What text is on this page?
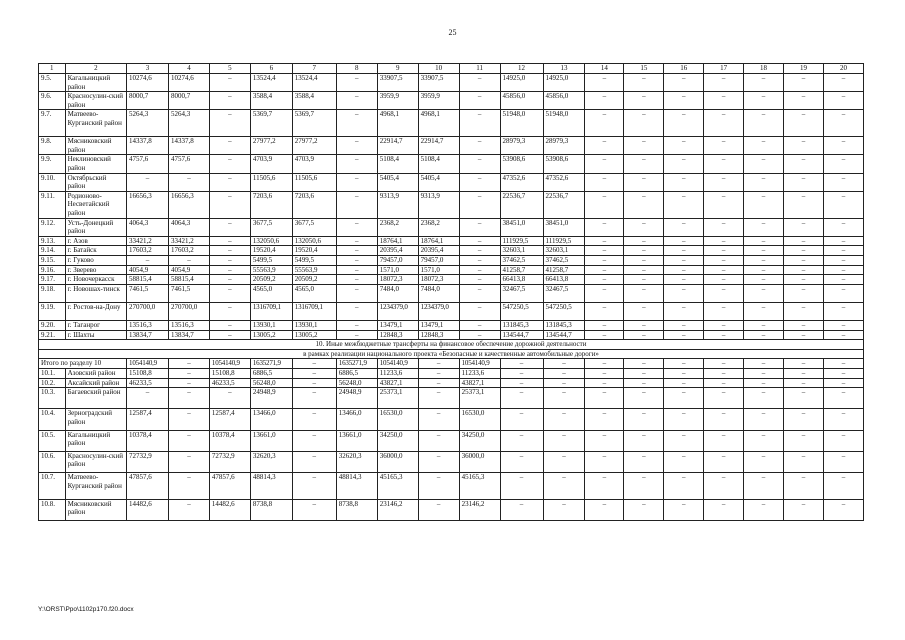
25
1	2	3	4	5	6	7	8	9	10	11	12	13	14	15	16	17	18	19	20
9.5.	Кагальницкий район	10274,6	10274,6	–	13524,4	13524,4	–	33907,5	33907,5	–	14925,0	14925,0	–	–	–	–	–	–	–
9.6.	Красносулин-ский район	8000,7	8000,7	–	3588,4	3588,4	–	3959,9	3959,9	–	45856,0	45856,0	–	–	–	–	–	–	–
9.7.	Матвеево-Курганский район	5264,3	5264,3	–	5369,7	5369,7	–	4968,1	4968,1	–	51948,0	51948,0	–	–	–	–	–	–	–
9.8.	Мясниковский район	14337,8	14337,8	–	27977,2	27977,2	–	22914,7	22914,7	–	28979,3	28979,3	–	–	–	–	–	–	–
9.9.	Неклиновский район	4757,6	4757,6	–	4703,9	4703,9	–	5108,4	5108,4	–	53908,6	53908,6	–	–	–	–	–	–	–
9.10.	Октябрьский район	–	–	–	11505,6	11505,6	–	5405,4	5405,4	–	47352,6	47352,6	–	–	–	–	–	–	–
9.11.	Родионово-Несветайский район	16656,3	16656,3	–	7203,6	7203,6	–	9313,9	9313,9	–	22536,7	22536,7	–	–	–	–	–	–	–
9.12.	Усть-Донецкий район	4064,3	4064,3	–	3677,5	3677,5	–	2368,2	2368,2	–	38451,0	38451,0	–	–	–	–	–	–	–
9.13.	г. Азов	33421,2	33421,2	–	132050,6	132050,6	–	18764,1	18764,1	–	111929,5	111929,5	–	–	–	–	–	–	–
9.14.	г. Батайск	17603,2	17603,2	–	19520,4	19520,4	–	20395,4	20395,4	–	32603,1	32603,1	–	–	–	–	–	–	–
9.15.	г. Гуково	–	–	–	5499,5	5499,5	–	79457,0	79457,0	–	37462,5	37462,5	–	–	–	–	–	–	–
9.16.	г. Зверево	4054,9	4054,9	–	55563,9	55563,9	–	1571,0	1571,0	–	41258,7	41258,7	–	–	–	–	–	–	–
9.17.	г. Новочеркасск	58815,4	58815,4	–	20509,2	20509,2	–	18072,3	18072,3	–	66413,8	66413,8	–	–	–	–	–	–	–
9.18.	г. Новошах-тинск	7461,5	7461,5	–	4565,0	4565,0	–	7484,0	7484,0	–	32467,5	32467,5	–	–	–	–	–	–	–
9.19.	г. Ростов-на-Дону	270700,0	270700,0	–	1316709,1	1316709,1	–	1234379,0	1234379,0	–	547250,5	547250,5	–	–	–	–	–	–	–
9.20.	г. Таганрог	13516,3	13516,3	–	13930,1	13930,1	–	13479,1	13479,1	–	131845,3	131845,3	–	–	–	–	–	–	–
9.21.	г. Шахты	13834,7	13834,7	–	13005,2	13005,2	–	12848,3	12848,3	–	134544,7	134544,7	–	–	–	–	–	–	–
10. Иные межбюджетные трансферты на финансовое обеспечение дорожной деятельности																			
в рамках реализации национального проекта «Безопасные и качественные автомобильные дороги»																			
Итого по разделу 10		1054140,9	–	1054140,9	1635271,9	–	1635271,9	1054140,9	–	1054140,9	–	–	–	–	–	–	–	–	–
10.1.	Азовский район	15108,8	–	15108,8	6886,5	–	6886,5	11233,6	–	11233,6	–	–	–	–	–	–	–	–	–
10.2.	Аксайский район	46233,5	–	46233,5	56248,0	–	56248,0	43827,1	–	43827,1	–	–	–	–	–	–	–	–	–
10.3.	Багаевский район	–	–	–	24948,9	–	24948,9	25373,1	–	25373,1	–	–	–	–	–	–	–	–	–
10.4.	Зерноградский район	12587,4	–	12587,4	13466,0	–	13466,0	16530,0	–	16530,0	–	–	–	–	–	–	–	–	–
10.5.	Кагальницкий район	10378,4	–	10378,4	13661,0	–	13661,0	34250,0	–	34250,0	–	–	–	–	–	–	–	–	–
10.6.	Красносулин-ский район	72732,9	–	72732,9	32620,3	–	32620,3	36000,0	–	36000,0	–	–	–	–	–	–	–	–	–
10.7.	Матвеево-Курганский район	47857,6	–	47857,6	48814,3	–	48814,3	45165,3	–	45165,3	–	–	–	–	–	–	–	–	–
10.8.	Мясниковский район	14482,6	–	14482,6	8738,8	–	8738,8	23146,2	–	23146,2	–	–	–	–	–	–	–	–	–
Y:\ORST\Ppo\1102p170.f20.docx
